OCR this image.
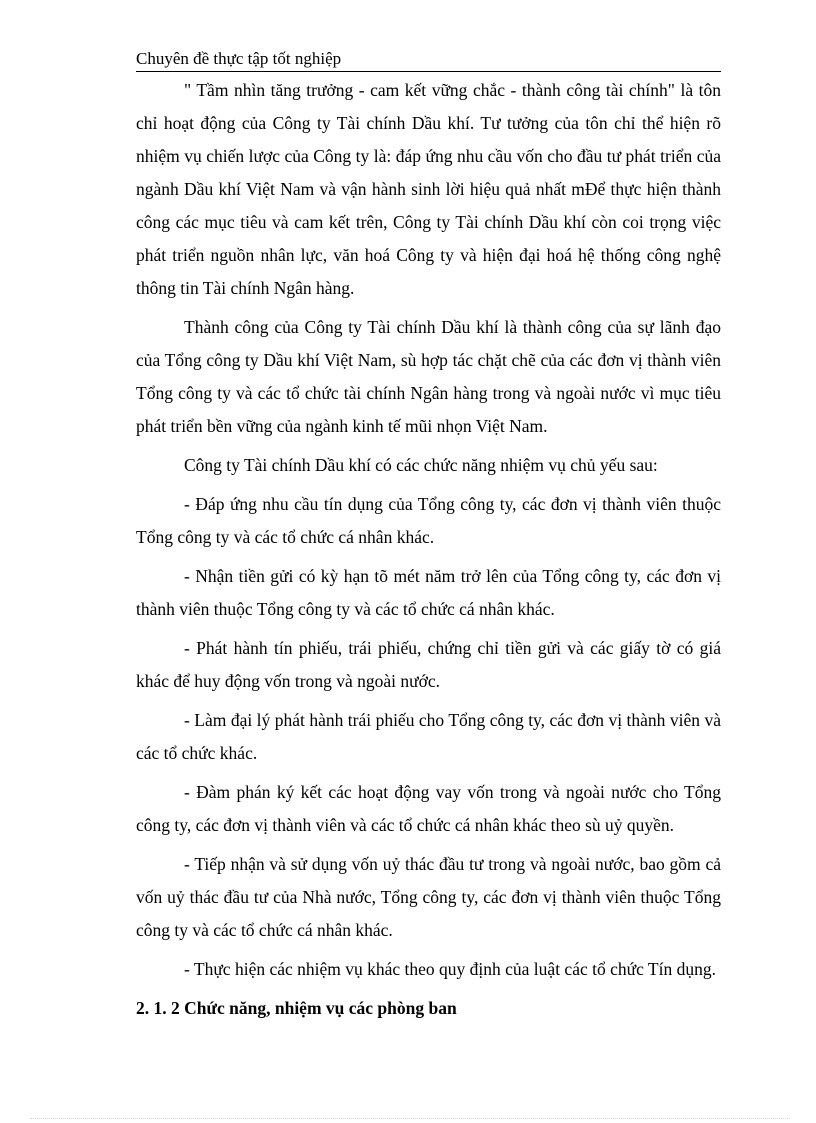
Chuyên đề thực tập tốt nghiệp

" Tầm nhìn tăng trưởng - cam kết vững chắc - thành công tài chính" là tôn chỉ hoạt động của Công ty Tài chính Dầu khí. Tư tưởng của tôn chỉ thể hiện rõ nhiệm vụ chiến lược của Công ty là: đáp ứng nhu cầu vốn cho đầu tư phát triển của ngành Dầu khí Việt Nam và vận hành sinh lời hiệu quả nhất mĐể thực hiện thành công các mục tiêu và cam kết trên, Công ty Tài chính Dầu khí còn coi trọng việc phát triển nguồn nhân lực, văn hoá Công ty và hiện đại hoá hệ thống công nghệ thông tin Tài chính Ngân hàng.

Thành công của Công ty Tài chính Dầu khí là thành công của sự lãnh đạo của Tổng công ty Dầu khí Việt Nam, sù hợp tác chặt chẽ của các đơn vị thành viên Tổng công ty và các tổ chức tài chính Ngân hàng trong và ngoài nước vì mục tiêu phát triển bền vững của ngành kinh tế mũi nhọn Việt Nam.

Công ty Tài chính Dầu khí có các chức năng nhiệm vụ chủ yếu sau:

- Đáp ứng nhu cầu tín dụng của Tổng công ty, các đơn vị thành viên thuộc Tổng công ty và các tổ chức cá nhân khác.

- Nhận tiền gửi có kỳ hạn tõ mét năm trở lên của Tổng công ty, các đơn vị thành viên thuộc Tổng công ty và các tổ chức cá nhân khác.

- Phát hành tín phiếu, trái phiếu, chứng chỉ tiền gửi và các giấy tờ có giá khác để huy động vốn trong và ngoài nước.

- Làm đại lý phát hành trái phiếu cho Tổng công ty, các đơn vị thành viên và các tổ chức khác.

- Đàm phán ký kết các hoạt động vay vốn trong và ngoài nước cho Tổng công ty, các đơn vị thành viên và các tổ chức cá nhân khác theo sù uỷ quyền.

- Tiếp nhận và sử dụng vốn uỷ thác đầu tư trong và ngoài nước, bao gồm cả vốn uỷ thác đầu tư của Nhà nước, Tổng công ty, các đơn vị thành viên thuộc Tổng công ty và các tổ chức cá nhân khác.

- Thực hiện các nhiệm vụ khác theo quy định của luật các tổ chức Tín dụng.

2. 1. 2 Chức năng, nhiệm vụ các phòng ban
